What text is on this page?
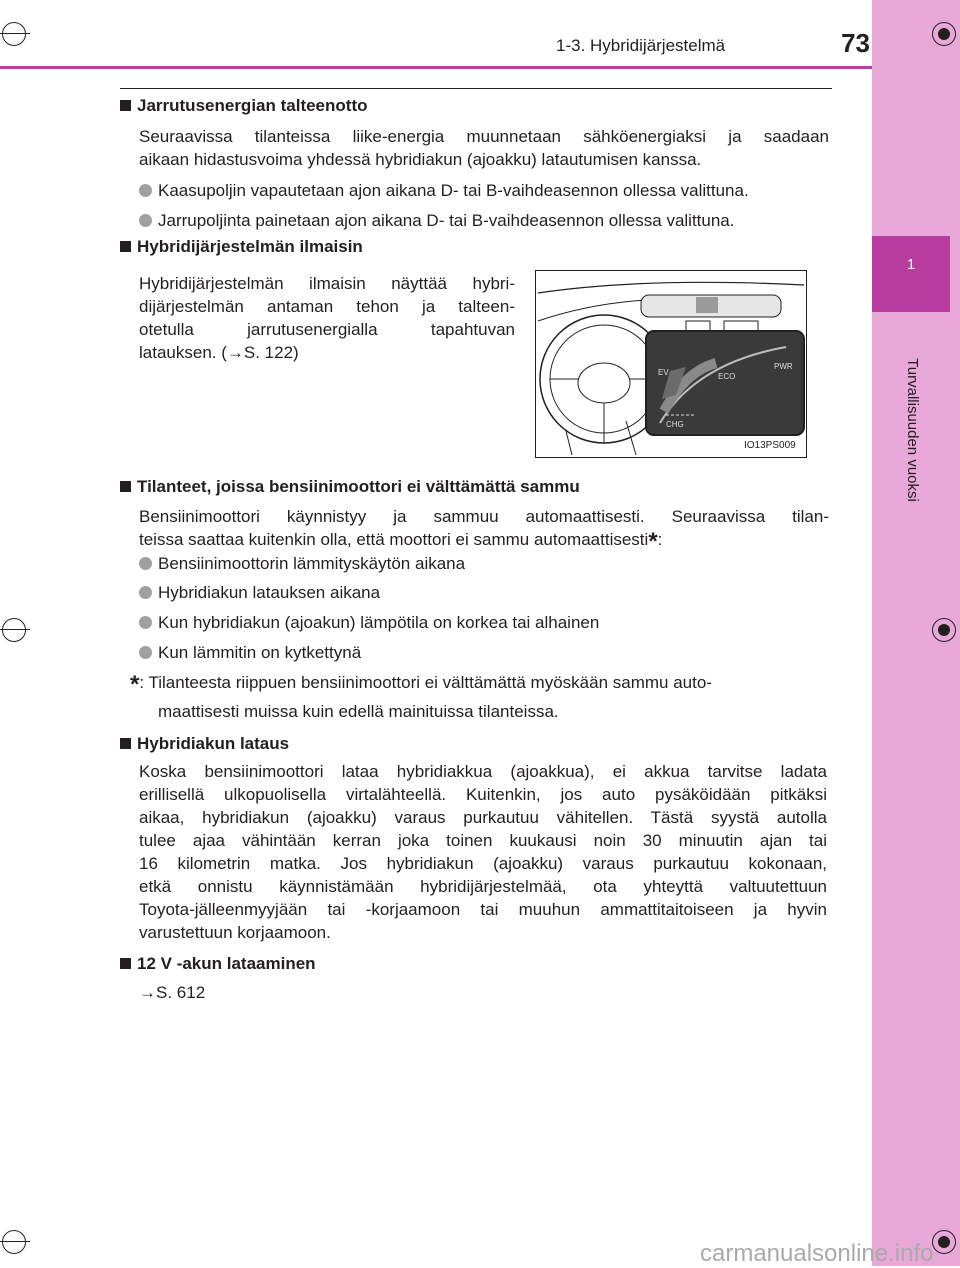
1
Turvallisuuden vuoksi
1-3. Hybridijärjestelmä	73
Jarrutusenergian talteenotto
Seuraavissa tilanteissa liike-energia muunnetaan sähköenergiaksi ja saadaan
aikaan hidastusvoima yhdessä hybridiakun (ajoakku) latautumisen kanssa.
Kaasupoljin vapautetaan ajon aikana D- tai B-vaihdeasennon ollessa valittuna.
Jarrupoljinta painetaan ajon aikana D- tai B-vaihdeasennon ollessa valittuna.
Hybridijärjestelmän ilmaisin
Hybridijärjestelmän ilmaisin näyttää hybri-
dijärjestelmän antaman tehon ja talteen-
otetulla jarrutusenergialla tapahtuvan
latauksen. (→S. 122)
EV	ECO
PWR
CHG
IO13PS009
Tilanteet, joissa bensiinimoottori ei välttämättä sammu
Bensiinimoottori käynnistyy ja sammuu automaattisesti. Seuraavissa tilan-
teissa saattaa kuitenkin olla, että moottori ei sammu automaattisesti*:
Bensiinimoottorin lämmityskäytön aikana
Hybridiakun latauksen aikana
Kun hybridiakun (ajoakun) lämpötila on korkea tai alhainen
Kun lämmitin on kytkettynä
*: Tilanteesta riippuen bensiinimoottori ei välttämättä myöskään sammu auto-
maattisesti muissa kuin edellä mainituissa tilanteissa.
Hybridiakun lataus
Koska bensiinimoottori lataa hybridiakkua (ajoakkua), ei akkua tarvitse ladata
erillisellä ulkopuolisella virtalähteellä. Kuitenkin, jos auto pysäköidään pitkäksi
aikaa, hybridiakun (ajoakku) varaus purkautuu vähitellen. Tästä syystä autolla
tulee ajaa vähintään kerran joka toinen kuukausi noin 30 minuutin ajan tai
16 kilometrin matka. Jos hybridiakun (ajoakku) varaus purkautuu kokonaan,
etkä onnistu käynnistämään hybridijärjestelmää, ota yhteyttä valtuutettuun
Toyota-jälleenmyyjään tai -korjaamoon tai muuhun ammattitaitoiseen ja hyvin
varustettuun korjaamoon.
12 V -akun lataaminen
→S. 612
carmanualsonline.info
